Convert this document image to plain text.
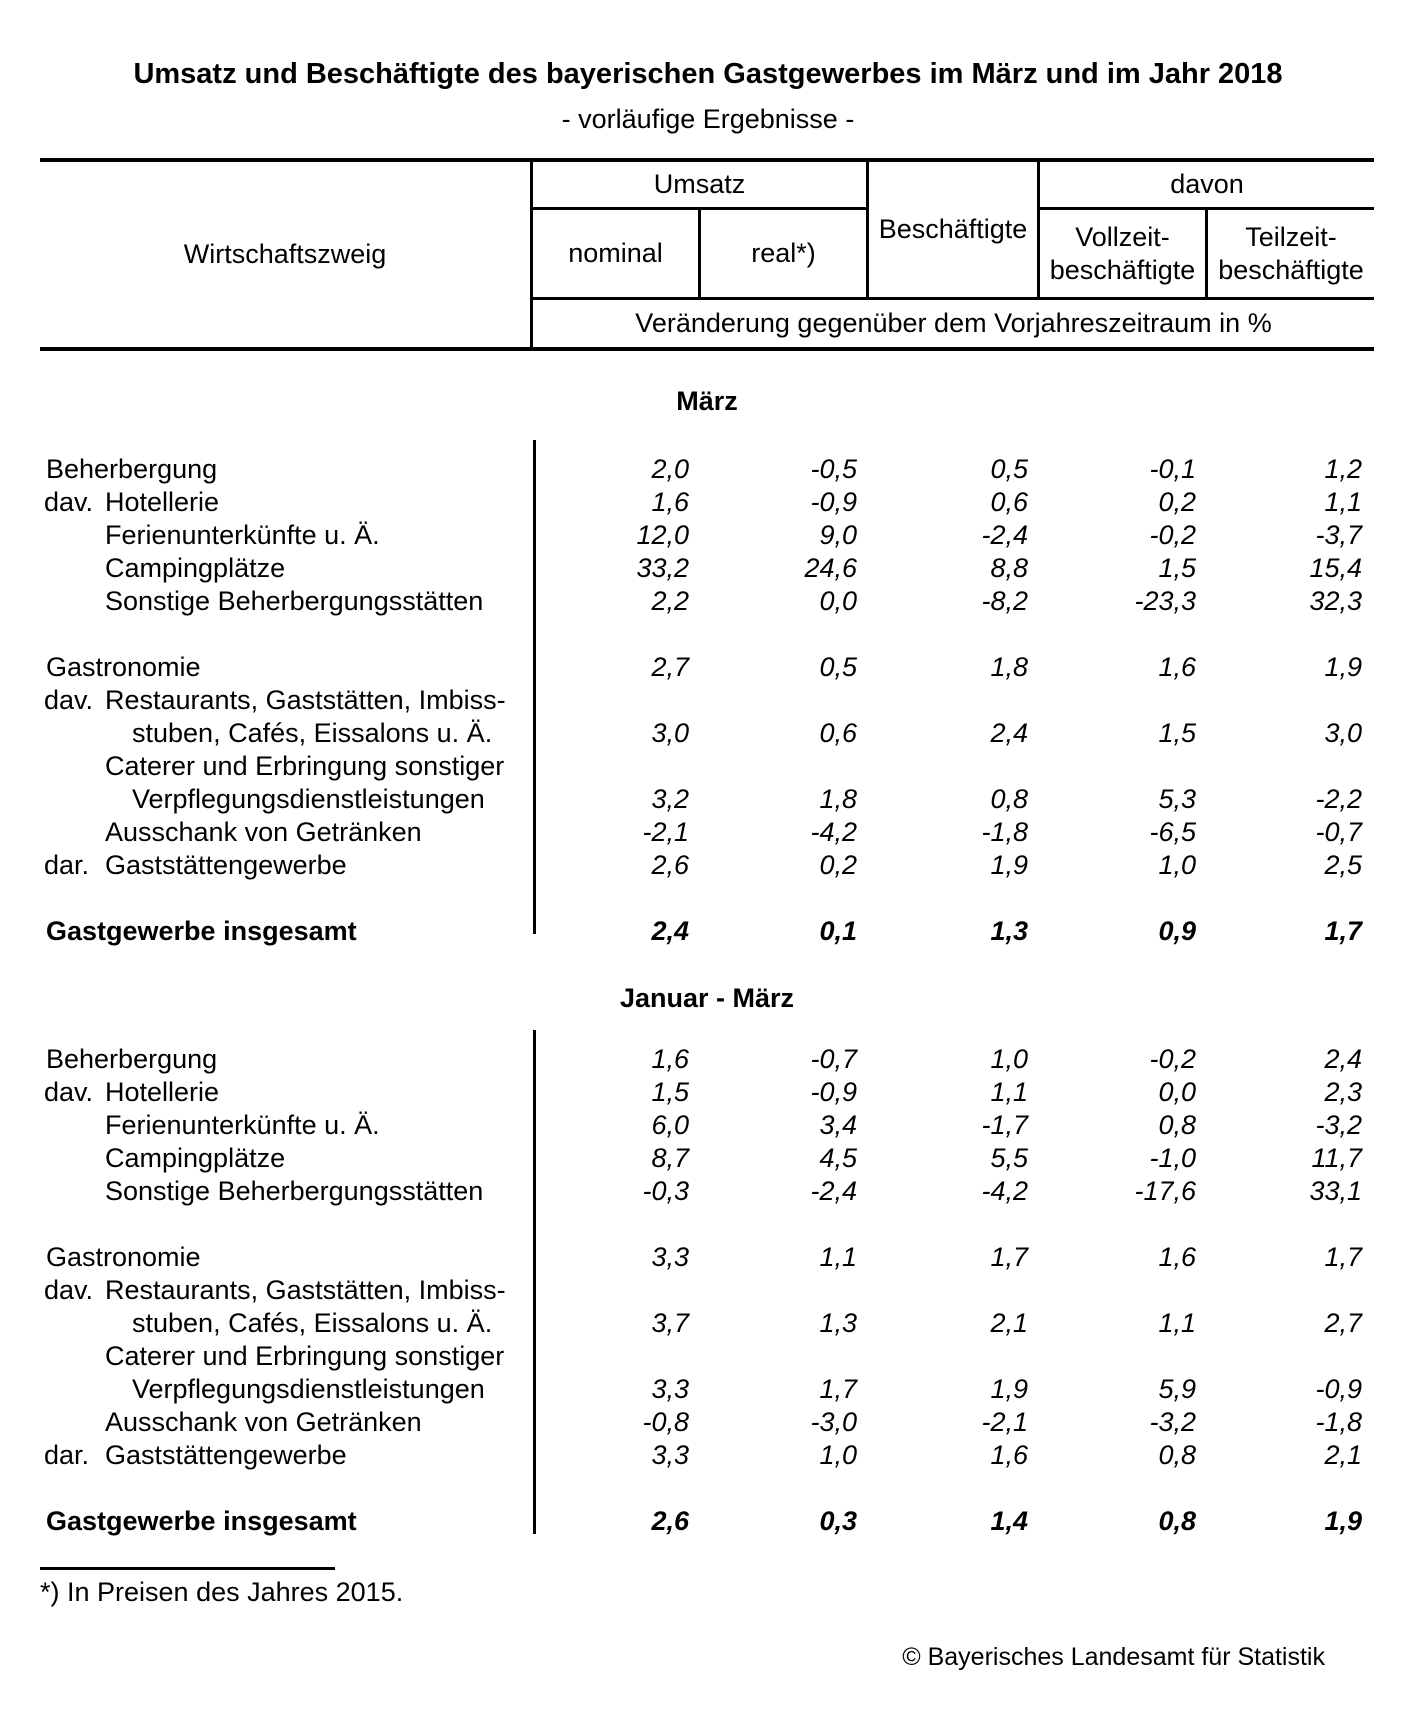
Umsatz und Beschäftigte des bayerischen Gastgewerbes im März und im Jahr 2018
- vorläufige Ergebnisse -
Wirtschaftszweig
Umsatz
Beschäftigte
davon
nominal	real*)
Vollzeit-beschäftigte
Teilzeit-beschäftigte
Veränderung gegenüber dem Vorjahreszeitraum in %
März
Beherbergung	2,0	-0,5	0,5	-0,1	1,2
dav. Hotellerie	1,6	-0,9	0,6	0,2	1,1
Ferienunterkünfte u. Ä.	12,0	9,0	-2,4	-0,2	-3,7
Campingplätze	33,2	24,6	8,8	1,5	15,4
Sonstige Beherbergungsstätten	2,2	0,0	-8,2	-23,3	32,3
Gastronomie	2,7	0,5	1,8	1,6	1,9
dav. Restaurants, Gaststätten, Imbiss-
stuben, Cafés, Eissalons u. Ä.	3,0	0,6	2,4	1,5	3,0
Caterer und Erbringung sonstiger
Verpflegungsdienstleistungen	3,2	1,8	0,8	5,3	-2,2
Ausschank von Getränken	-2,1	-4,2	-1,8	-6,5	-0,7
dar. Gaststättengewerbe	2,6	0,2	1,9	1,0	2,5
Gastgewerbe insgesamt	2,4	0,1	1,3	0,9	1,7
Januar - März
Beherbergung	1,6	-0,7	1,0	-0,2	2,4
dav. Hotellerie	1,5	-0,9	1,1	0,0	2,3
Ferienunterkünfte u. Ä.	6,0	3,4	-1,7	0,8	-3,2
Campingplätze	8,7	4,5	5,5	-1,0	11,7
Sonstige Beherbergungsstätten	-0,3	-2,4	-4,2	-17,6	33,1
Gastronomie	3,3	1,1	1,7	1,6	1,7
dav. Restaurants, Gaststätten, Imbiss-
stuben, Cafés, Eissalons u. Ä.	3,7	1,3	2,1	1,1	2,7
Caterer und Erbringung sonstiger
Verpflegungsdienstleistungen	3,3	1,7	1,9	5,9	-0,9
Ausschank von Getränken	-0,8	-3,0	-2,1	-3,2	-1,8
dar. Gaststättengewerbe	3,3	1,0	1,6	0,8	2,1
Gastgewerbe insgesamt	2,6	0,3	1,4	0,8	1,9
*) In Preisen des Jahres 2015.
© Bayerisches Landesamt für Statistik
